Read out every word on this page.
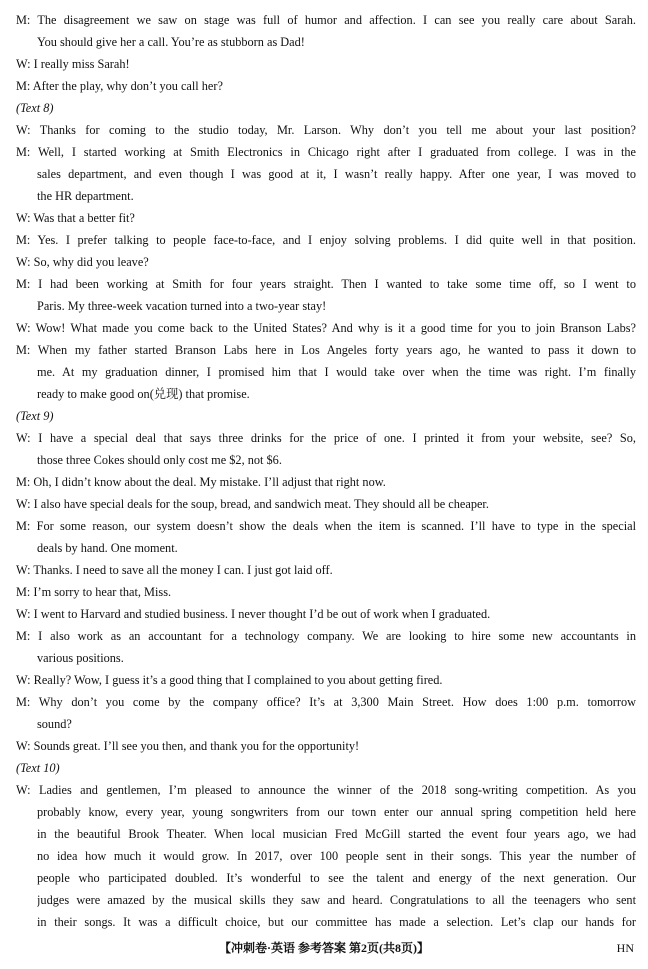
M: The disagreement we saw on stage was full of humor and affection. I can see you really care about Sarah.
You should give her a call. You’re as stubborn as Dad!
W: I really miss Sarah!
M: After the play, why don’t you call her?
(Text 8)
W: Thanks for coming to the studio today, Mr. Larson. Why don’t you tell me about your last position?
M: Well, I started working at Smith Electronics in Chicago right after I graduated from college. I was in the
sales department, and even though I was good at it, I wasn’t really happy. After one year, I was moved to
the HR department.
W: Was that a better fit?
M: Yes. I prefer talking to people face-to-face, and I enjoy solving problems. I did quite well in that position.
W: So, why did you leave?
M: I had been working at Smith for four years straight. Then I wanted to take some time off, so I went to
Paris. My three-week vacation turned into a two-year stay!
W: Wow! What made you come back to the United States? And why is it a good time for you to join Branson Labs?
M: When my father started Branson Labs here in Los Angeles forty years ago, he wanted to pass it down to
me. At my graduation dinner, I promised him that I would take over when the time was right. I’m finally
ready to make good on(兑现) that promise.
(Text 9)
W: I have a special deal that says three drinks for the price of one. I printed it from your website, see? So,
those three Cokes should only cost me $2, not $6.
M: Oh, I didn’t know about the deal. My mistake. I’ll adjust that right now.
W: I also have special deals for the soup, bread, and sandwich meat. They should all be cheaper.
M: For some reason, our system doesn’t show the deals when the item is scanned. I’ll have to type in the special
deals by hand. One moment.
W: Thanks. I need to save all the money I can. I just got laid off.
M: I’m sorry to hear that, Miss.
W: I went to Harvard and studied business. I never thought I’d be out of work when I graduated.
M: I also work as an accountant for a technology company. We are looking to hire some new accountants in
various positions.
W: Really? Wow, I guess it’s a good thing that I complained to you about getting fired.
M: Why don’t you come by the company office? It’s at 3,300 Main Street. How does 1:00 p.m. tomorrow
sound?
W: Sounds great. I’ll see you then, and thank you for the opportunity!
(Text 10)
W: Ladies and gentlemen, I’m pleased to announce the winner of the 2018 song-writing competition. As you
probably know, every year, young songwriters from our town enter our annual spring competition held here
in the beautiful Brook Theater. When local musician Fred McGill started the event four years ago, we had
no idea how much it would grow. In 2017, over 100 people sent in their songs. This year the number of
people who participated doubled. It’s wonderful to see the talent and energy of the next generation. Our
judges were amazed by the musical skills they saw and heard. Congratulations to all the teenagers who sent
in their songs. It was a difficult choice, but our committee has made a selection. Let’s clap our hands for
【冲刺卷·英语 参考答案 第2页(共8页)】	HN
